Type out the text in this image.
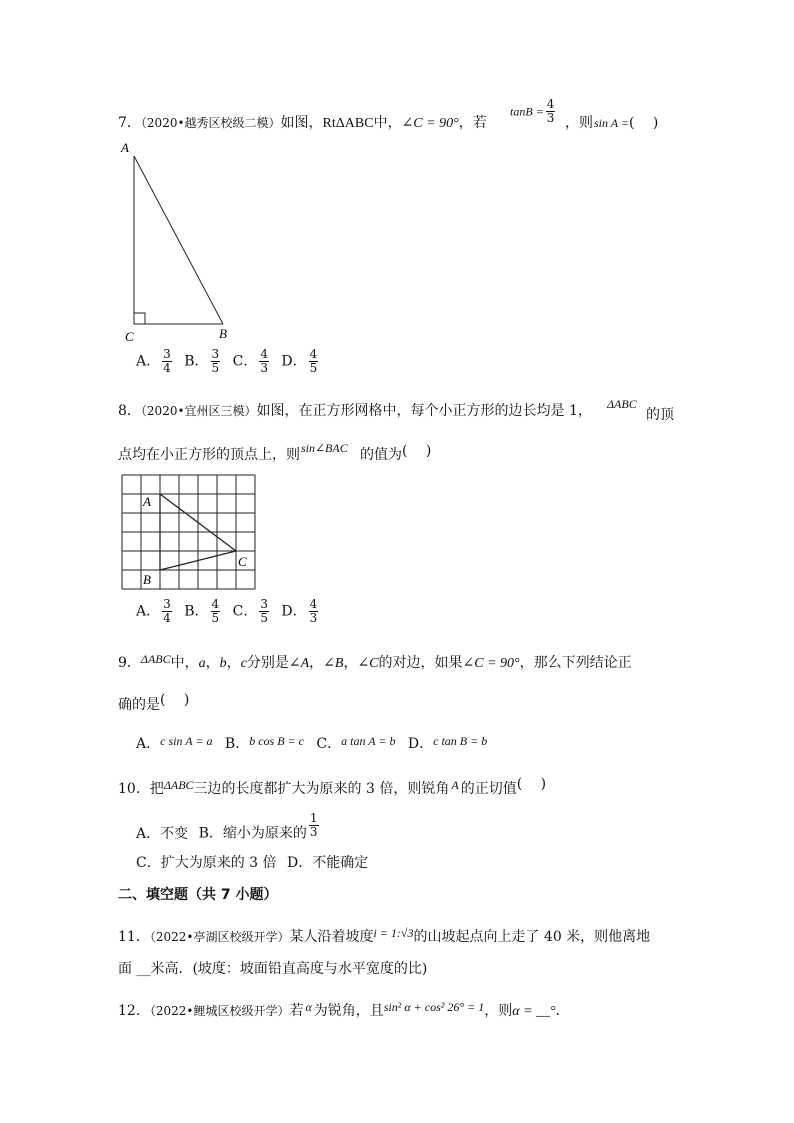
7．（2020•越秀区校级二模）如图，RtΔABC中，∠C = 90°，若
$\tan B = \frac{4}{3}$ ，则 sin A =(　 )
A
C	B
A． $\frac{3}{4}$ B． $\frac{3}{5}$ C． $\frac{4}{3}$ D． $\frac{4}{5}$
8．（2020•宜州区三模）如图，在正方形网格中，每个小正方形的边长均是 1， ΔABC
的顶
点均在小正方形的顶点上，则 sin∠BAC 的值为(　 )
A
B
C
A． $\frac{3}{4}$ B． $\frac{4}{5}$ C． $\frac{3}{5}$ D． $\frac{4}{3}$
9．ΔABC中，a，b，c分别是∠A，∠B，∠C的对边，如果∠C = 90°，那么下列结论正
确的是(　 )
A．c sin A = a B．b cos B = c C．a tan A = b D．c tan B = b
10．把ΔABC三边的长度都扩大为原来的 3 倍，则锐角 A 的正切值(　 )
A．不变 B．缩小为原来的 $\frac{1}{3}$
C．扩大为原来的 3 倍 D．不能确定
二、填空题（共 7 小题）
11．（2022•亭湖区校级开学）某人沿着坡度i = 1:√3的山坡起点向上走了 40 米，则他离地
面 __米高．(坡度：坡面铅直高度与水平宽度的比)
12．（2022•鲤城区校级开学）若 α 为锐角，且sin² α + cos² 26° = 1，则α = __°．
